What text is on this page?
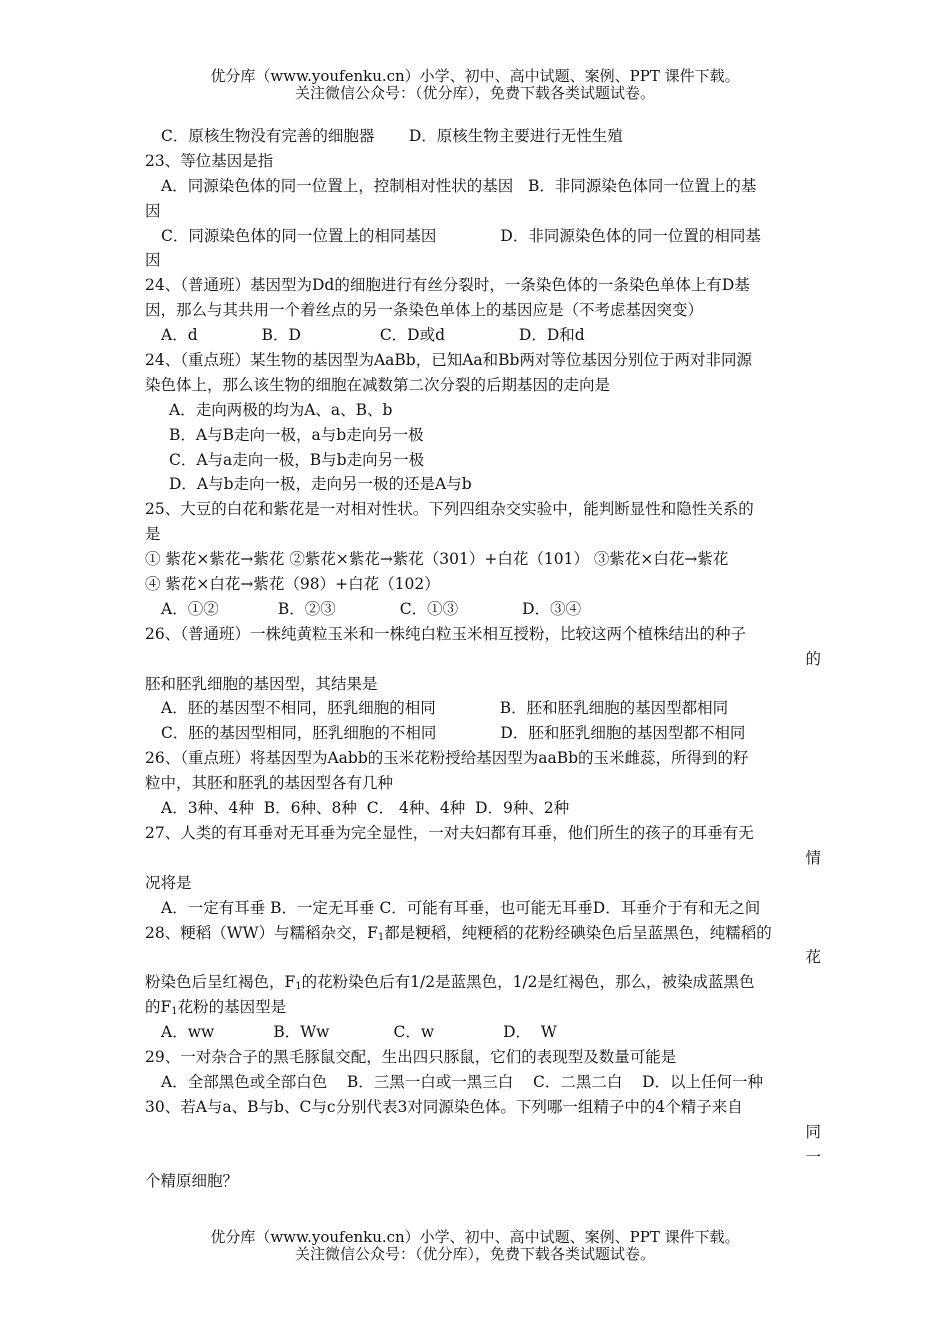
优分库（www.youfenku.cn）小学、初中、高中试题、案例、PPT 课件下载。
关注微信公众号：（优分库），免费下载各类试题试卷。
C．原核生物没有完善的细胞器       D．原核生物主要进行无性生殖
23、等位基因是指
A．同源染色体的同一位置上，控制相对性状的基因   B．非同源染色体同一位置上的基
因
C．同源染色体的同一位置上的相同基因             D．非同源染色体的同一位置的相同基
因
24、（普通班）基因型为Dd的细胞进行有丝分裂时，一条染色体的一条染色单体上有D基
因，那么与其共用一个着丝点的另一条染色单体上的基因应是（不考虑基因突变）
A．d             B．D                C．D或d               D．D和d
24、（重点班）某生物的基因型为AaBb，已知Aa和Bb两对等位基因分别位于两对非同源
染色体上，那么该生物的细胞在减数第二次分裂的后期基因的走向是
A．走向两极的均为A、a、B、b
B．A与B走向一极，a与b走向另一极
C．A与a走向一极，B与b走向另一极
D．A与b走向一极，走向另一极的还是A与b
25、大豆的白花和紫花是一对相对性状。下列四组杂交实验中，能判断显性和隐性关系的
是
① 紫花×紫花→紫花 ②紫花×紫花→紫花（301）+白花（101） ③紫花×白花→紫花
④ 紫花×白花→紫花（98）+白花（102）
A．①②            B．②③             C．①③             D．③④
26、（普通班）一株纯黄粒玉米和一株纯白粒玉米相互授粉，比较这两个植株结出的种子
的
胚和胚乳细胞的基因型，其结果是
A．胚的基因型不相同，胚乳细胞的相同             B．胚和胚乳细胞的基因型都相同
C．胚的基因型相同，胚乳细胞的不相同             D．胚和胚乳细胞的基因型都不相同
26、（重点班）将基因型为Aabb的玉米花粉授给基因型为aaBb的玉米雌蕊，所得到的籽
粒中，其胚和胚乳的基因型各有几种
A．3种、4种  B．6种、8种  C． 4种、4种  D．9种、2种
27、人类的有耳垂对无耳垂为完全显性，一对夫妇都有耳垂，他们所生的孩子的耳垂有无
情
况将是
A．一定有耳垂 B．一定无耳垂 C．可能有耳垂，也可能无耳垂D．耳垂介于有和无之间
28、粳稻（WW）与糯稻杂交，$F_1$都是粳稻，纯粳稻的花粉经碘染色后呈蓝黑色，纯糯稻的
花
粉染色后呈红褐色，$F_1$的花粉染色后有1/2是蓝黑色，1/2是红褐色，那么，被染成蓝黑色
的$F_1$花粉的基因型是
A．ww            B．Ww             C．w              D．  W
29、一对杂合子的黑毛豚鼠交配，生出四只豚鼠，它们的表现型及数量可能是
A．全部黑色或全部白色    B．三黑一白或一黑三白    C．二黑二白    D．以上任何一种
30、若A与a、B与b、C与c分别代表3对同源染色体。下列哪一组精子中的4个精子来自
同
一
个精原细胞？
优分库（www.youfenku.cn）小学、初中、高中试题、案例、PPT 课件下载。
关注微信公众号：（优分库），免费下载各类试题试卷。
